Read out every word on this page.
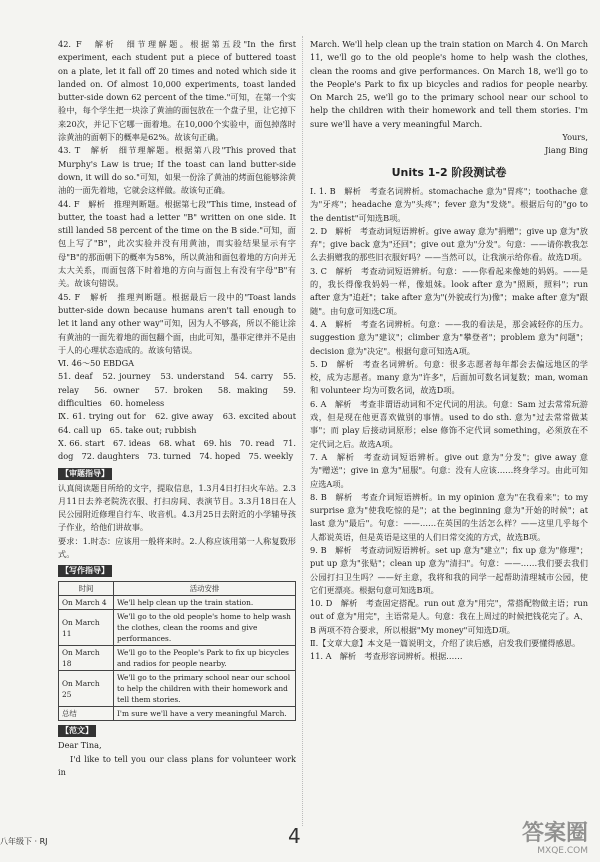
42. F　解析　细节理解题。根据第五段"In the first experiment, each student put a piece of buttered toast on a plate, let it fall off 20 times and noted which side it landed on. Of almost 10,000 experiments, toast landed butter-side down 62 percent of the time."可知，在第一个实验中，每个学生把一块涂了黄油的面包放在一个盘子里，让它掉下来20次，并记下它哪一面着地。在10,000个实验中，面包掉落时涂黄油的面朝下的概率是62%。故该句正确。

43. T　解析　细节理解题。根据第八段"This proved that Murphy's Law is true; If the toast can land butter-side down, it will do so."可知，如果一份涂了黄油的烤面包能够涂黄油的一面先着地，它就会这样做。故该句正确。

44. F　解析　推理判断题。根据第七段"This time, instead of butter, the toast had a letter "B" written on one side. It still landed 58 percent of the time on the B side."可知，面包上写了"B"，此次实验并没有用黄油，而实验结果显示有字母"B"的那面朝下的概率为58%，所以黄油和面包着地的方向并无太大关系，而面包落下时着地的方向与面包上有没有字母"B"有关。故该句错误。

45. F　解析　推理判断题。根据最后一段中的"Toast lands butter-side down because humans aren't tall enough to let it land any other way"可知，因为人不够高，所以不能让涂有黄油的一面先着地的面包翻个面，由此可知，墨菲定律并不是由于人的心理状态造成的。故该句错误。

Ⅵ. 46～50 EBDGA

51. deaf　52. journey　53. understand　54. carry　55. relay　56. owner　57. broken　58. making　59. difficulties　60. homeless

Ⅸ. 61. trying out for　62. give away　63. excited about　64. call up　65. take out; rubbish

Ⅹ. 66. start　67. ideas　68. what　69. his　70. read　71. dog　72. daughters　73. turned　74. hoped　75. weekly

【审题指导】

认真阅读题目所给的文字，提取信息，1.3月4日打扫火车站。2.3月11日去养老院洗衣服、打扫房间、表演节目。3.3月18日在人民公园附近修理自行车、收音机。4.3月25日去附近的小学辅导孩子作业，给他们讲故事。

要求：1.时态：应该用一般将来时。2.人称应该用第一人称复数形式。

【写作指导】
时间	活动安排
On March 4	We'll help clean up the train station.
On March 11	We'll go to the old people's home to help wash the clothes, clean the rooms and give performances.
On March 18	We'll go to the People's Park to fix up bicycles and radios for people nearby.
On March 25	We'll go to the primary school near our school to help the children with their homework and tell them stories.
总结	I'm sure we'll have a very meaningful March.
【范文】

Dear Tina,

I'd like to tell you our class plans for volunteer work in

March. We'll help clean up the train station on March 4. On March 11, we'll go to the old people's home to help wash the clothes, clean the rooms and give performances. On March 18, we'll go to the People's Park to fix up bicycles and radios for people nearby. On March 25, we'll go to the primary school near our school to help the children with their homework and tell them stories. I'm sure we'll have a very meaningful March.

Yours,

Jiang Bing

Units 1-2 阶段测试卷

Ⅰ. 1. B　解析　考查名词辨析。stomachache 意为"胃疼"；toothache 意为"牙疼"；headache 意为"头疼"；fever 意为"发烧"。根据后句的"go to the dentist"可知选B项。

2. D　解析　考查动词短语辨析。give away 意为"捐赠"；give up 意为"放弃"；give back 意为"还回"；give out 意为"分发"。句意：——请你教我怎么去捐赠我的那些旧衣服好吗？——当然可以，让我演示给你看。故选D项。

3. C　解析　考查动词短语辨析。句意：——你看起来像她的妈妈。——是的，我长得像我妈妈一样，像姐妹。look after 意为"照顾，照料"；run after 意为"追赶"；take after 意为"(外貌或行为)像"；make after 意为"跟随"。由句意可知选C项。

4. A　解析　考查名词辨析。句意：——我的看法是，那会减轻你的压力。suggestion 意为"建议"；climber 意为"攀登者"；problem 意为"问题"；decision 意为"决定"。根据句意可知选A项。

5. D　解析　考查名词辨析。句意：很多志愿者每年都会去偏远地区的学校，成为志愿者。many 意为"许多"，后面加可数名词复数；man, woman 和 volunteer 均为可数名词，故选D项。

6. A　解析　考查非谓语动词和不定代词的用法。句意：Sam 过去常常玩游戏，但是现在他更喜欢做别的事情。used to do sth. 意为"过去常常做某事"；而 play 后接动词原形；else 修饰不定代词 something，必须放在不定代词之后。故选A项。

7. A　解析　考查动词短语辨析。give out 意为"分发"；give away 意为"赠送"；give in 意为"屈服"。句意：没有人应该……终身学习。由此可知应选A项。

8. B　解析　考查介词短语辨析。in my opinion 意为"在我看来"；to my surprise 意为"使我吃惊的是"；at the beginning 意为"开始的时候"；at last 意为"最后"。句意：——……在英国的生活怎么样？——这里几乎每个人都说英语，但是英语是这里的人们日常交流的方式，故选B项。

9. B　解析　考查动词短语辨析。set up 意为"建立"；fix up 意为"修理"；put up 意为"张贴"；clean up 意为"清扫"。句意：——……我们要去我们公园打扫卫生吗？——好主意，我将和我的同学一起帮助清理城市公园，使它们更漂亮。根据句意可知选B项。

10. D　解析　考查固定搭配。run out 意为"用完"，常搭配物做主语；run out of 意为"用完"，主语常是人。句意：我在上周过的时候把钱花完了。A、B 两项不符合要求，所以根据"My money"可知选D项。

Ⅱ.【文章大意】本文是一篇说明文，介绍了读后感，启发我们要懂得感恩。

11. A　解析　考查形容词辨析。根据……

八年级下 · RJ	4	答案圈
MXQE.COM
